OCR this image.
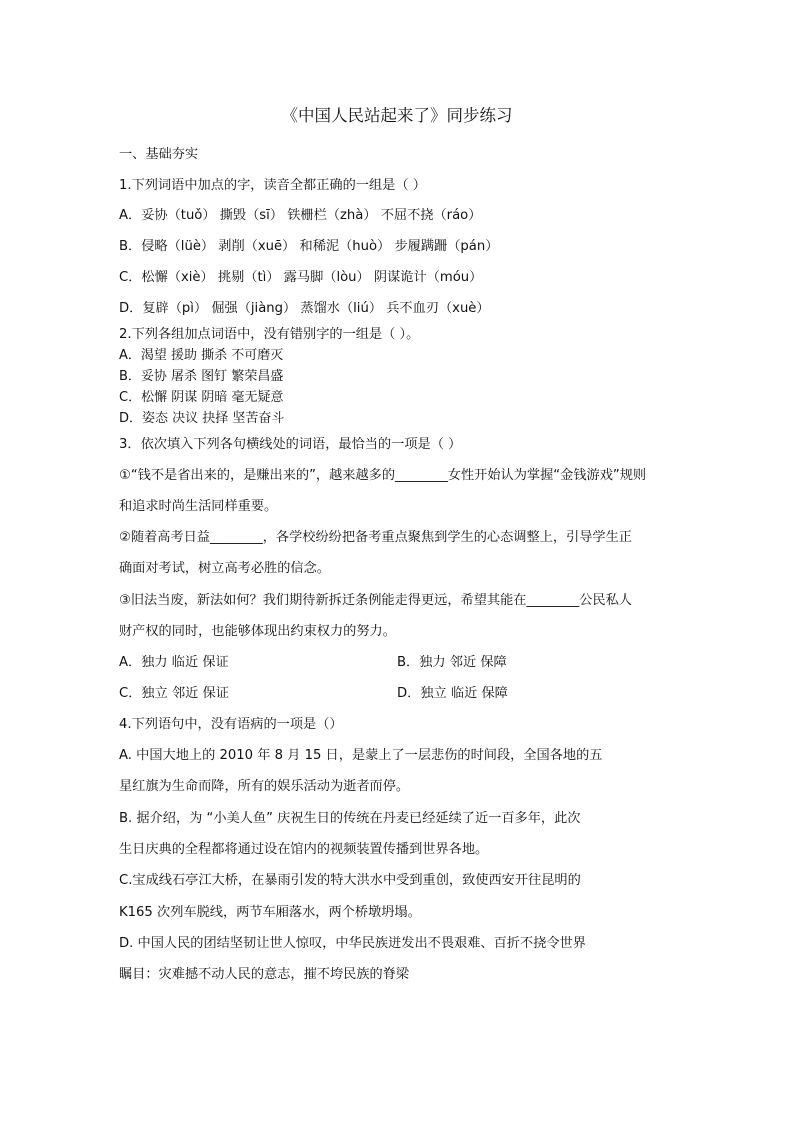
《中国人民站起来了》同步练习
一、基础夯实
1.下列词语中加点的字，读音全都正确的一组是（ ）
A．妥协（tuǒ） 撕毁（sī） 铁栅栏（zhà） 不屈不挠（ráo）
B．侵略（lüè） 剥削（xuē） 和稀泥（huò） 步履蹒跚（pán）
C．松懈（xiè） 挑剔（tì） 露马脚（lòu） 阴谋诡计（móu）
D．复辟（pì） 倔强（jiàng） 蒸馏水（liú） 兵不血刃（xuè）
2.下列各组加点词语中，没有错别字的一组是（ ）。
A．渴望 援助 撕杀 不可磨灭
B．妥协 屠杀 图钉 繁荣昌盛
C．松懈 阴谋 阴暗 毫无疑意
D．姿态 决议 抉择 坚苦奋斗
3．依次填入下列各句横线处的词语，最恰当的一项是（ ）
①“钱不是省出来的，是赚出来的”，越来越多的________女性开始认为掌握“金钱游戏”规则
和追求时尚生活同样重要。
②随着高考日益________，各学校纷纷把备考重点聚焦到学生的心态调整上，引导学生正
确面对考试，树立高考必胜的信念。
③旧法当废，新法如何？我们期待新拆迁条例能走得更远，希望其能在________公民私人
财产权的同时，也能够体现出约束权力的努力。
A．独力 临近 保证	B．独力 邻近 保障
C．独立 邻近 保证	D．独立 临近 保障
4.下列语句中，没有语病的一项是（）
A. 中国大地上的 2010 年 8 月 15 日，是蒙上了一层悲伤的时间段，全国各地的五
星红旗为生命而降，所有的娱乐活动为逝者而停。
B. 据介绍，为 “小美人鱼” 庆祝生日的传统在丹麦已经延续了近一百多年，此次
生日庆典的全程都将通过设在馆内的视频装置传播到世界各地。
C.宝成线石亭江大桥，在暴雨引发的特大洪水中受到重创，致使西安开往昆明的
K165 次列车脱线，两节车厢落水，两个桥墩坍塌。
D. 中国人民的团结坚韧让世人惊叹，中华民族迸发出不畏艰难、百折不挠令世界
瞩目：灾难撼不动人民的意志，摧不垮民族的脊梁
